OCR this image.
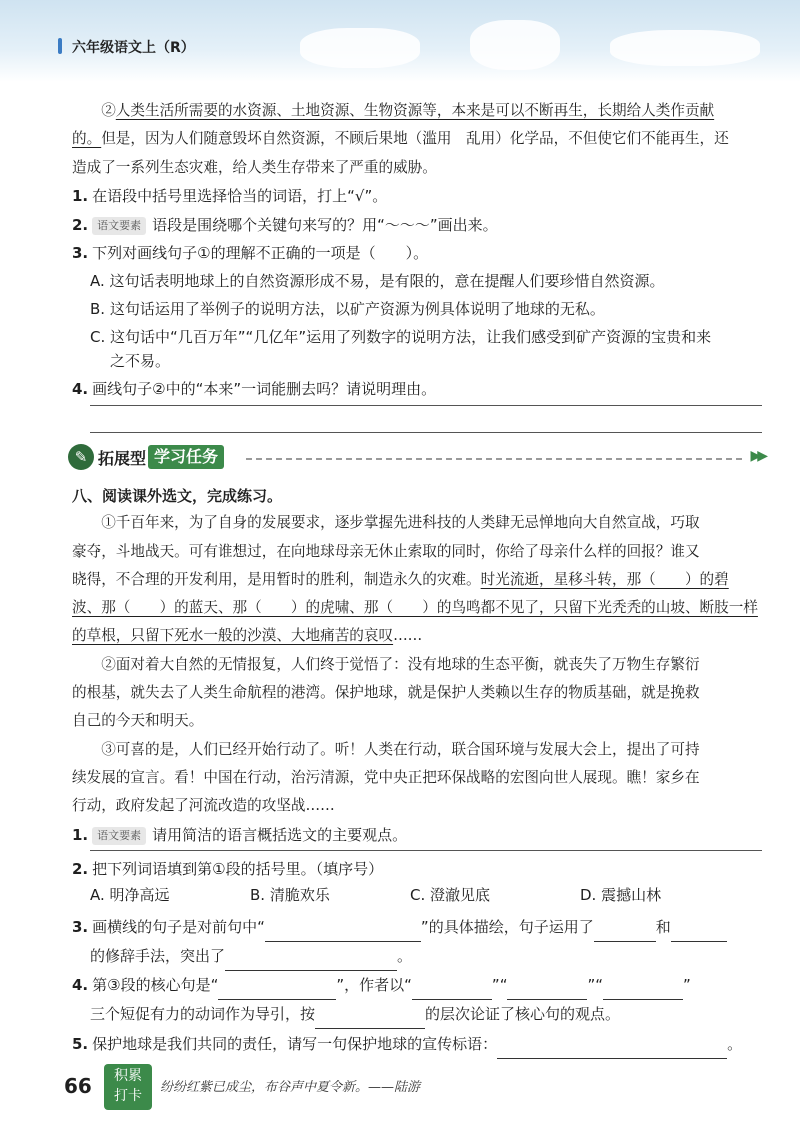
六年级语文上（R）
②人类生活所需要的水资源、土地资源、生物资源等，本来是可以不断再生，长期给人类作贡献
的。但是，因为人们随意毁坏自然资源，不顾后果地（滥用　乱用）化学品，不但使它们不能再生，还
造成了一系列生态灾难，给人类生存带来了严重的威胁。
1. 在语段中括号里选择恰当的词语，打上“√”。
2. 语文要素 语段是围绕哪个关键句来写的？用“～～～”画出来。
3. 下列对画线句子①的理解不正确的一项是（　　）。
A. 这句话表明地球上的自然资源形成不易，是有限的，意在提醒人们要珍惜自然资源。
B. 这句话运用了举例子的说明方法，以矿产资源为例具体说明了地球的无私。
C. 这句话中“几百万年”“几亿年”运用了列数字的说明方法，让我们感受到矿产资源的宝贵和来
之不易。
4. 画线句子②中的“本来”一词能删去吗？请说明理由。
✎ 拓展型 学习任务	▶▶
八、阅读课外选文，完成练习。
①千百年来，为了自身的发展要求，逐步掌握先进科技的人类肆无忌惮地向大自然宣战，巧取
豪夺，斗地战天。可有谁想过，在向地球母亲无休止索取的同时，你给了母亲什么样的回报？谁又
晓得，不合理的开发利用，是用暂时的胜利，制造永久的灾难。时光流逝，星移斗转，那（　　）的碧
波、那（　　）的蓝天、那（　　）的虎啸、那（　　）的鸟鸣都不见了，只留下光秃秃的山坡、断肢一样
的草根，只留下死水一般的沙漠、大地痛苦的哀叹……
②面对着大自然的无情报复，人们终于觉悟了：没有地球的生态平衡，就丧失了万物生存繁衍
的根基，就失去了人类生命航程的港湾。保护地球，就是保护人类赖以生存的物质基础，就是挽救
自己的今天和明天。
③可喜的是，人们已经开始行动了。听！人类在行动，联合国环境与发展大会上，提出了可持
续发展的宣言。看！中国在行动，治污清源，党中央正把环保战略的宏图向世人展现。瞧！家乡在
行动，政府发起了河流改造的攻坚战……
1. 语文要素 请用简洁的语言概括选文的主要观点。
2. 把下列词语填到第①段的括号里。（填序号）
A. 明净高远	B. 清脆欢乐	C. 澄澈见底	D. 震撼山林
3. 画横线的句子是对前句中“	”的具体描绘，句子运用了	和
的修辞手法，突出了	。
4. 第③段的核心句是“	”，作者以“	”“	”“	”
三个短促有力的动词作为导引，按	的层次论证了核心句的观点。
5. 保护地球是我们共同的责任，请写一句保护地球的宣传标语：	。
66	积累
打卡
纷纷红紫已成尘，布谷声中夏令新。——陆游
